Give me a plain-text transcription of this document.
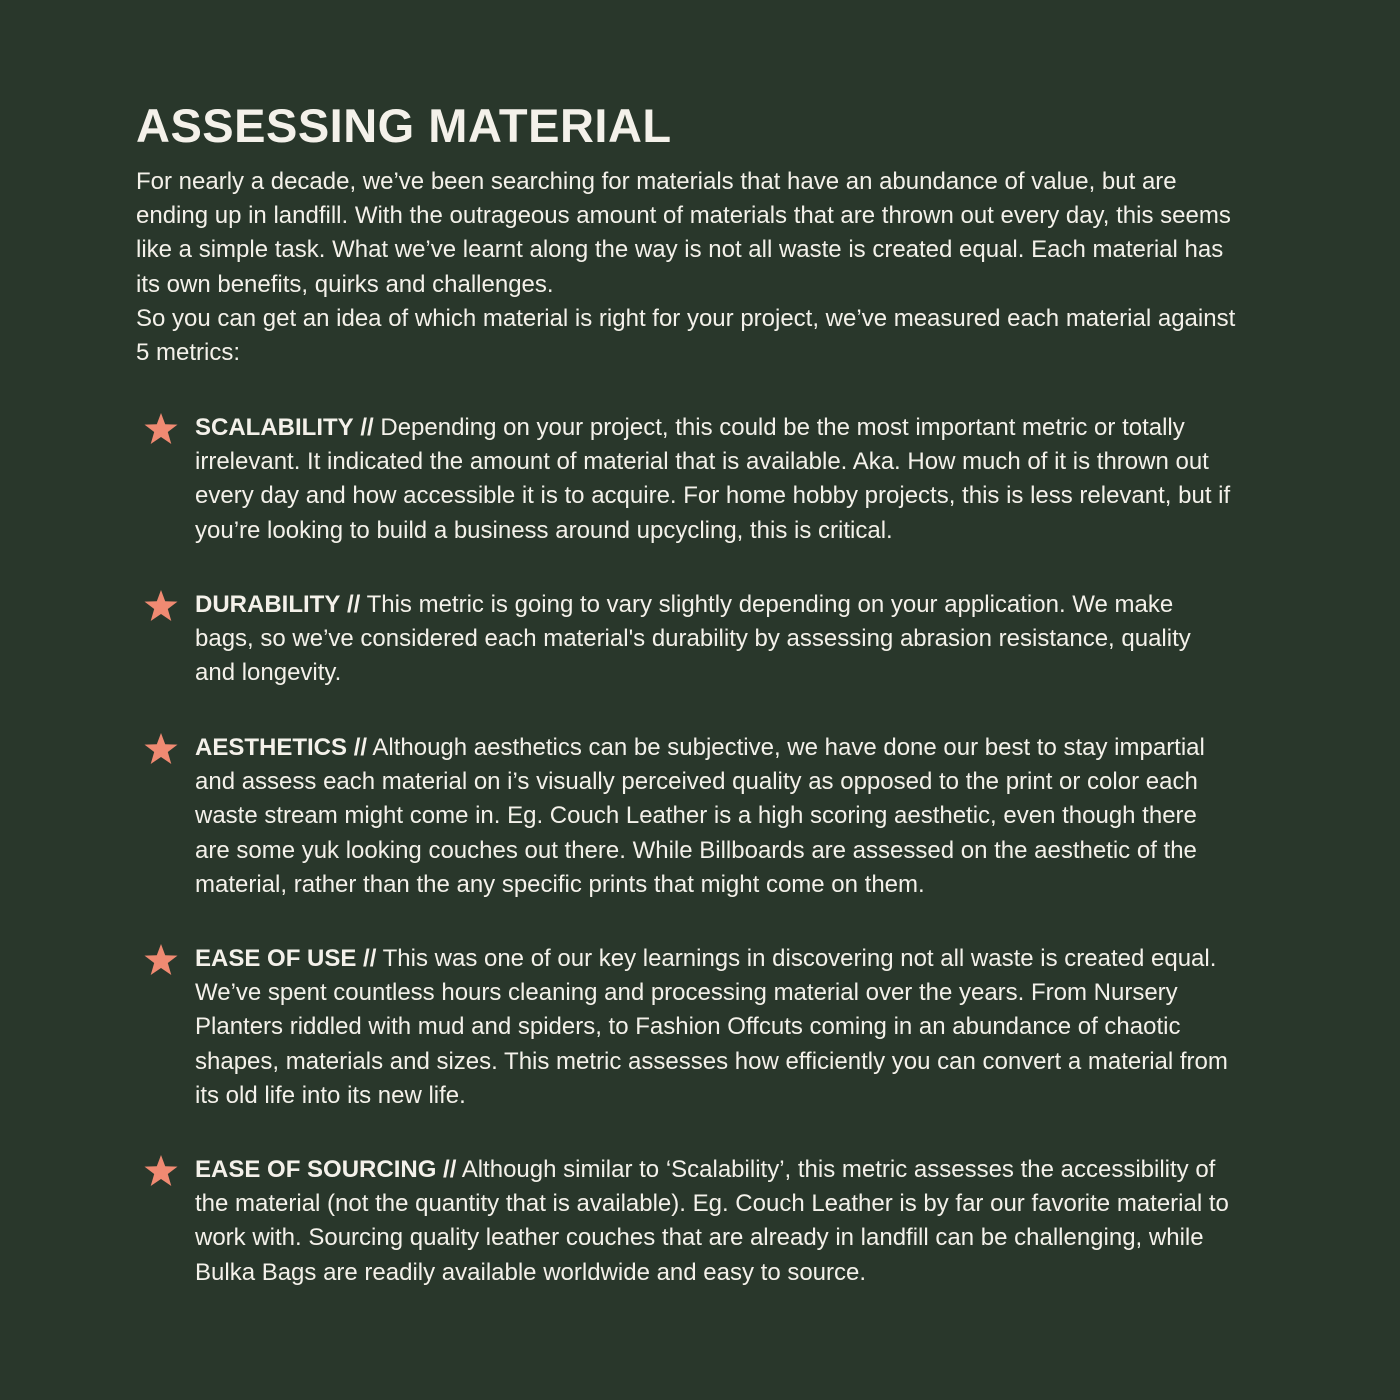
ASSESSING MATERIAL

For nearly a decade, we’ve been searching for materials that have an abundance of value, but are ending up in landfill. With the outrageous amount of materials that are thrown out every day, this seems like a simple task. What we’ve learnt along the way is not all waste is created equal. Each material has its own benefits, quirks and challenges.

So you can get an idea of which material is right for your project, we’ve measured each material against 5 metrics:

SCALABILITY // Depending on your project, this could be the most important metric or totally irrelevant. It indicated the amount of material that is available. Aka. How much of it is thrown out every day and how accessible it is to acquire. For home hobby projects, this is less relevant, but if you’re looking to build a business around upcycling, this is critical.

DURABILITY // This metric is going to vary slightly depending on your application. We make bags, so we’ve considered each material's durability by assessing abrasion resistance, quality and longevity.

AESTHETICS // Although aesthetics can be subjective, we have done our best to stay impartial and assess each material on i’s visually perceived quality as opposed to the print or color each waste stream might come in. Eg. Couch Leather is a high scoring aesthetic, even though there are some yuk looking couches out there. While Billboards are assessed on the aesthetic of the material, rather than the any specific prints that might come on them.

EASE OF USE // This was one of our key learnings in discovering not all waste is created equal. We’ve spent countless hours cleaning and processing material over the years. From Nursery Planters riddled with mud and spiders, to Fashion Offcuts coming in an abundance of chaotic shapes, materials and sizes. This metric assesses how efficiently you can convert a material from its old life into its new life.

EASE OF SOURCING // Although similar to ‘Scalability’, this metric assesses the accessibility of the material (not the quantity that is available). Eg. Couch Leather is by far our favorite material to work with. Sourcing quality leather couches that are already in landfill can be challenging, while Bulka Bags are readily available worldwide and easy to source.
